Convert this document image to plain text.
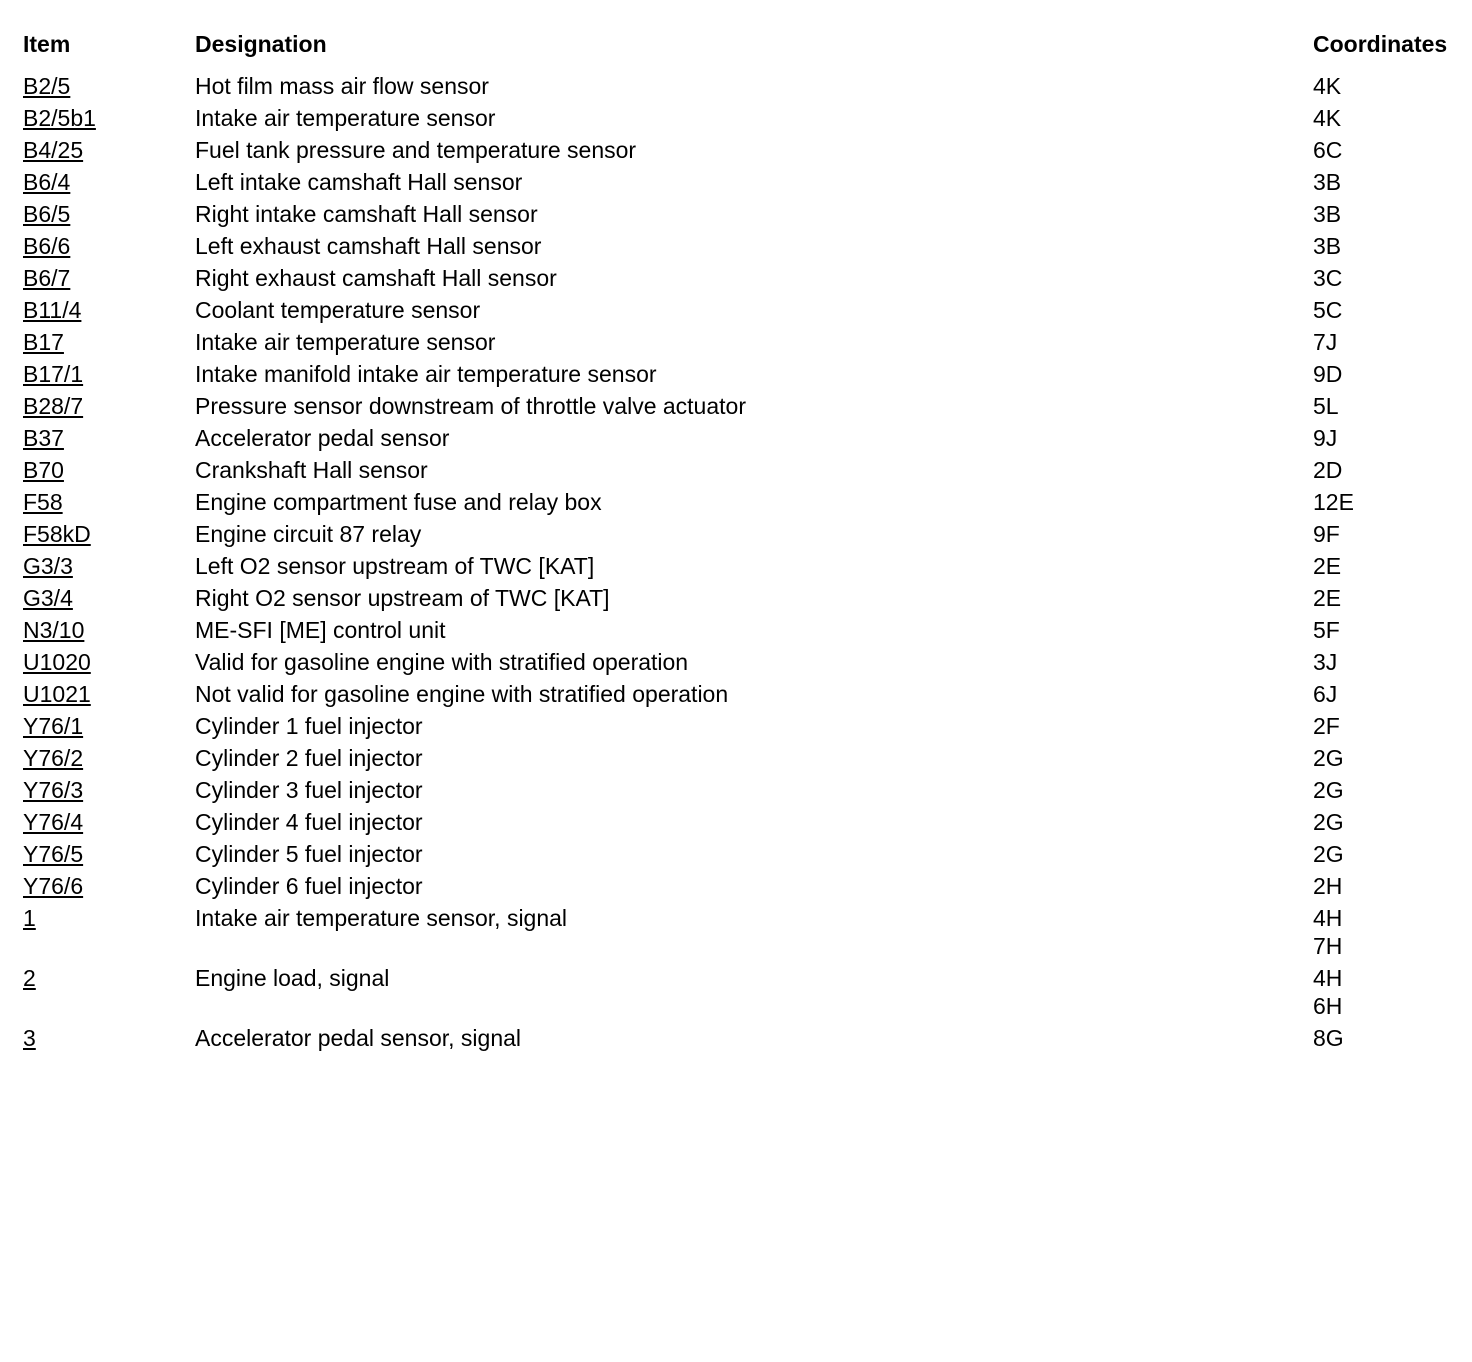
Item	Designation	Coordinates
B2/5	Hot film mass air flow sensor	4K
B2/5b1	Intake air temperature sensor	4K
B4/25	Fuel tank pressure and temperature sensor	6C
B6/4	Left intake camshaft Hall sensor	3B
B6/5	Right intake camshaft Hall sensor	3B
B6/6	Left exhaust camshaft Hall sensor	3B
B6/7	Right exhaust camshaft Hall sensor	3C
B11/4	Coolant temperature sensor	5C
B17	Intake air temperature sensor	7J
B17/1	Intake manifold intake air temperature sensor	9D
B28/7	Pressure sensor downstream of throttle valve actuator	5L
B37	Accelerator pedal sensor	9J
B70	Crankshaft Hall sensor	2D
F58	Engine compartment fuse and relay box	12E
F58kD	Engine circuit 87 relay	9F
G3/3	Left O2 sensor upstream of TWC [KAT]	2E
G3/4	Right O2 sensor upstream of TWC [KAT]	2E
N3/10	ME-SFI [ME] control unit	5F
U1020	Valid for gasoline engine with stratified operation	3J
U1021	Not valid for gasoline engine with stratified operation	6J
Y76/1	Cylinder 1 fuel injector	2F
Y76/2	Cylinder 2 fuel injector	2G
Y76/3	Cylinder 3 fuel injector	2G
Y76/4	Cylinder 4 fuel injector	2G
Y76/5	Cylinder 5 fuel injector	2G
Y76/6	Cylinder 6 fuel injector	2H
1	Intake air temperature sensor, signal	4H
7H
2	Engine load, signal	4H
6H
3	Accelerator pedal sensor, signal	8G
